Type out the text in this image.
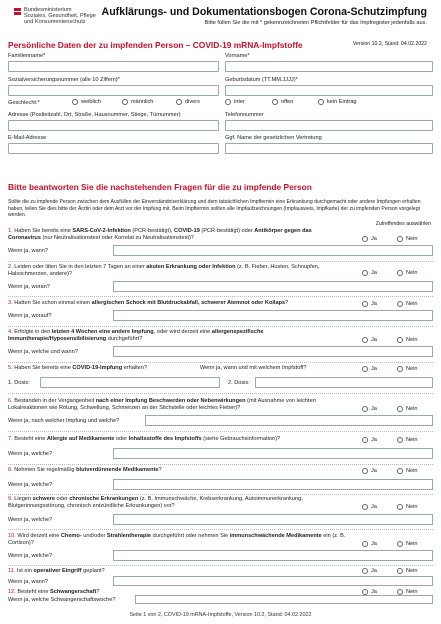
Bundesministerium
Soziales, Gesundheit, Pflege
und Konsumentenschutz
Aufklärungs- und Dokumentationsbogen Corona-Schutzimpfung
Bitte füllen Sie die mit * gekennzeichneten Pflichtfelder für das Impfregister jedenfalls aus.
Version 10.2, Stand: 04.02.2022
Persönliche Daten der zu impfenden Person – COVID-19 mRNA-Impfstoffe
Familienname*	Vorname*
Sozialversicherungsnummer (alle 10 Ziffern)*	Geburtsdatum (TT.MM.JJJJ)*
Geschlecht:*	weiblich	männlich	divers	inter	offen	kein Eintrag
Adresse (Postleitzahl, Ort, Straße, Hausnummer, Stiege, Türnummer)	Telefonnummer
E-Mail-Adresse	Ggf. Name der gesetzlichen Vertretung
Bitte beantworten Sie die nachstehenden Fragen für die zu impfende Person
Sollte die zu impfende Person zwischen dem Ausfüllen der Einverständniserklärung und dem tatsächlichen Impftermin eine Erkrankung durchgemacht oder andere Impfungen erhalten haben, teilen Sie dies bitte der Ärztin oder dem Arzt vor der Impfung mit. Beim Impftermin sollten alle Impfaufzeichnungen (Impfausweis, Impfkarte) der zu impfenden Person vorgelegt werden.
Zutreffendes auswählen
1. Haben Sie bereits eine SARS-CoV-2-Infektion (PCR-bestätigt), COVID-19 (PCR-bestätigt) oder Antikörper gegen das Coronavirus (nur Neutralisationstest oder Korrelat zu Neutralisationstest)?	Ja	Nein
Wenn ja, wann?
2. Leiden oder litten Sie in den letzten 7 Tagen an einer akuten Erkrankung oder Infektion (z. B. Fieber, Husten, Schnupfen, Halsschmerzen, andere)?	Ja	Nein
Wenn ja, woran?
3. Hatten Sie schon einmal einen allergischen Schock mit Blutdruckabfall, schwerer Atemnot oder Kollaps?	Ja	Nein
Wenn ja, worauf?
4. Erfolgte in den letzten 4 Wochen eine andere Impfung, oder wird derzeit eine allergenspezifische Immuntherapie/Hyposensibilisierung durchgeführt?	Ja	Nein
Wenn ja, welche und wann?
5. Haben Sie bereits eine COVID-19-Impfung erhalten?	Wenn ja, wann und mit welchem Impfstoff?	Ja	Nein
1. Dosis:	2. Dosis:
6. Bestanden in der Vergangenheit nach einer Impfung Beschwerden oder Nebenwirkungen (mit Ausnahme von leichten Lokalreaktionen wie Rötung, Schwellung, Schmerzen an der Stichstelle oder leichtes Fieber)?	Ja	Nein
Wenn ja, nach welcher Impfung und welche?
7. Besteht eine Allergie auf Medikamente oder Inhaltsstoffe des Impfstoffs (siehe Gebrauchsinformation)?	Ja	Nein
Wenn ja, welche?
8. Nehmen Sie regelmäßig blutverdünnende Medikamente?	Ja	Nein
Wenn ja, welche?
9. Liegen schwere oder chronische Erkrankungen (z. B. Immunschwäche, Krebserkrankung, Autoimmunerkrankung, Blutgerinnungsstörung, chronisch entzündliche Erkrankungen) vor?	Ja	Nein
Wenn ja, welche?
10. Wird derzeit eine Chemo- und/oder Strahlentherapie durchgeführt oder nehmen Sie immunschwächende Medikamente ein (z. B. Cortison)?	Ja	Nein
Wenn ja, welche?
11. Ist ein operativer Eingriff geplant?	Ja	Nein
Wenn ja, wann?
12. Besteht eine Schwangerschaft?	Ja	Nein
Wenn ja, welche Schwangerschaftswoche?
Seite 1 von 2, COVID-19 mRNA-Impfstoffe, Version 10.2, Stand: 04.02.2022
